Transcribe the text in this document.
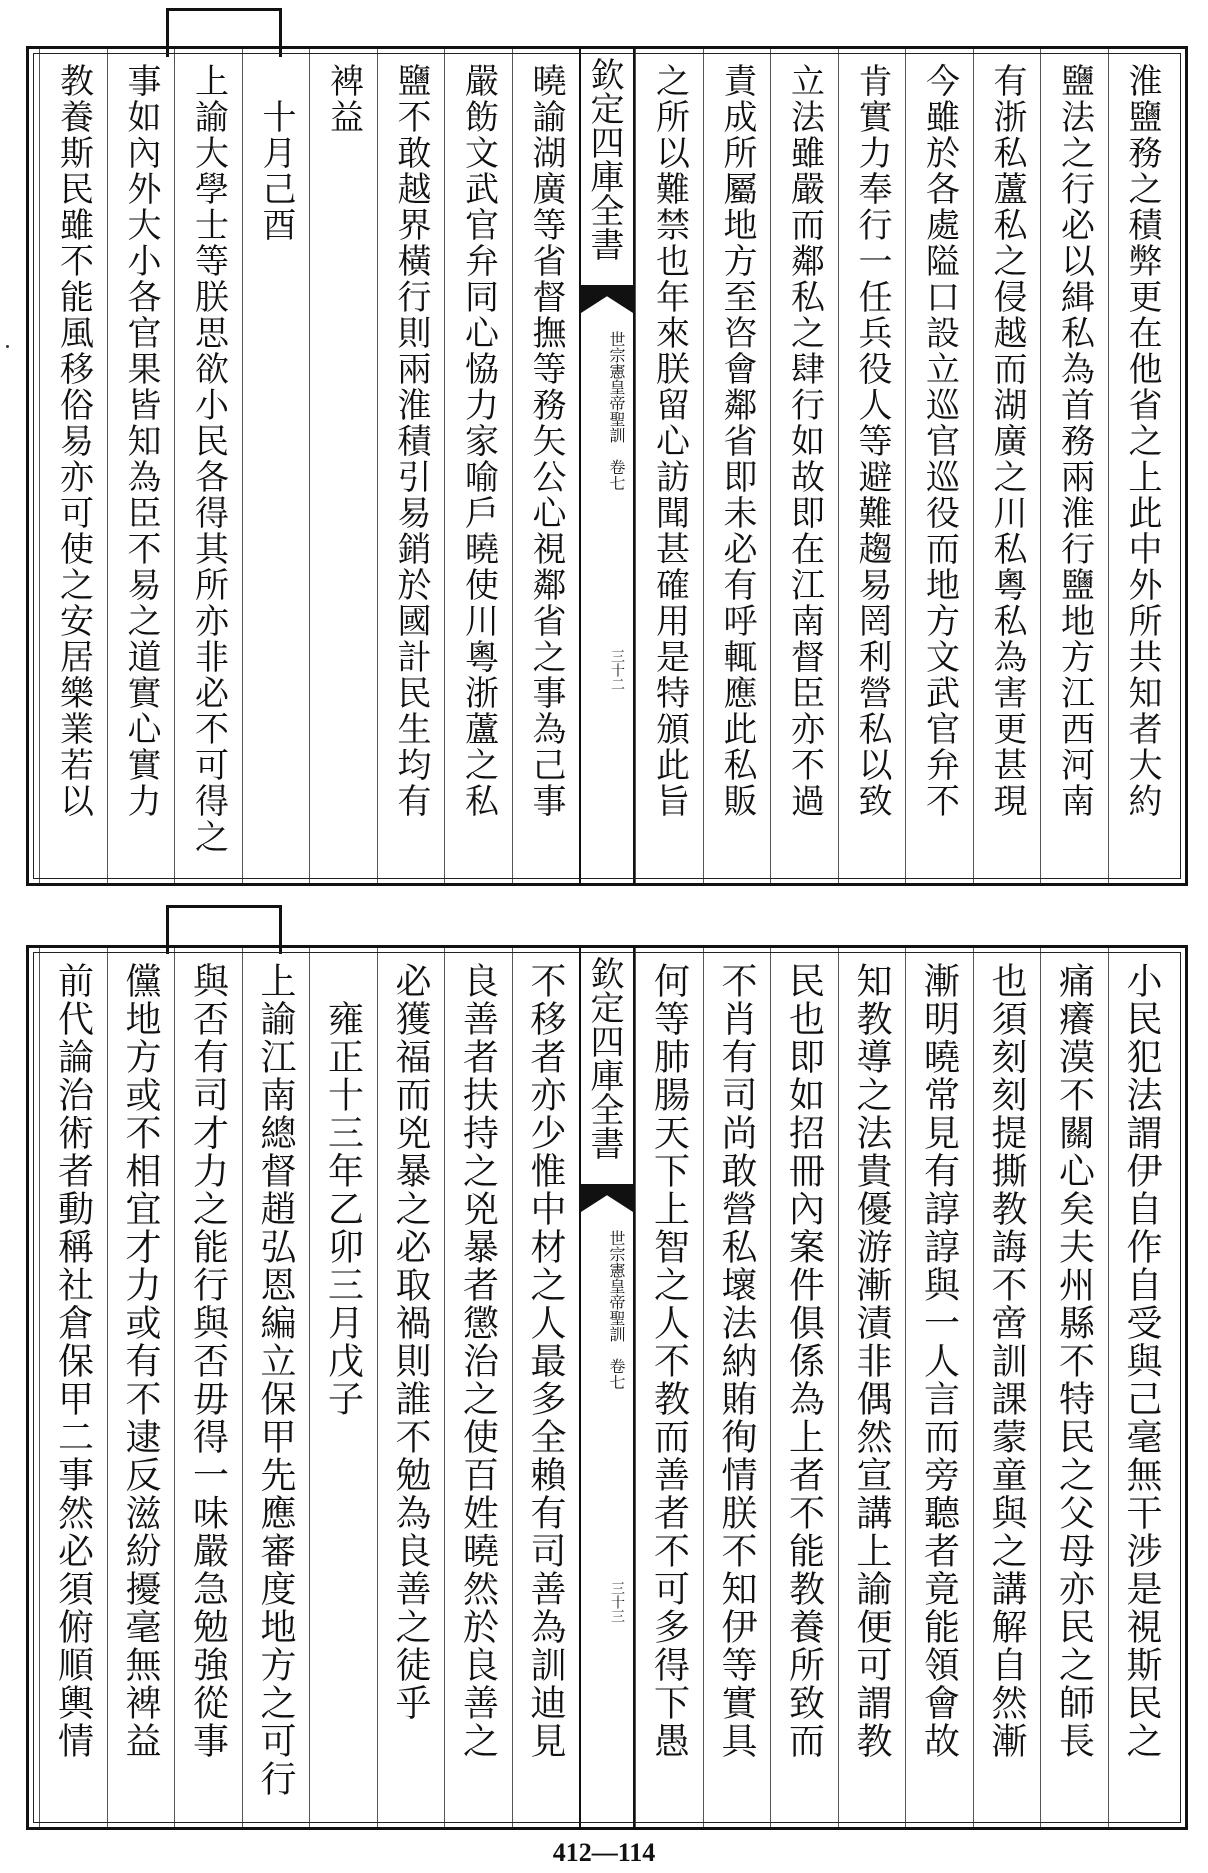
淮鹽務之積弊更在他省之上此中外所共知者大約
鹽法之行必以緝私為首務兩淮行鹽地方江西河南
有浙私蘆私之侵越而湖廣之川私粵私為害更甚現
今雖於各處隘口設立巡官巡役而地方文武官弁不
肯實力奉行一任兵役人等避難趨易罔利營私以致
立法雖嚴而鄰私之肆行如故即在江南督臣亦不過
責成所屬地方至咨會鄰省即未必有呼輒應此私販
之所以難禁也年來朕留心訪聞甚確用是特頒此旨
欽定四庫全書
世宗憲皇帝聖訓　卷七
三十二
曉諭湖廣等省督撫等務矢公心視鄰省之事為己事
嚴飭文武官弁同心恊力家喻戶曉使川粵浙蘆之私
鹽不敢越界橫行則兩淮積引易銷於國計民生均有
裨益
　十月己酉
上諭大學士等朕思欲小民各得其所亦非必不可得之
事如內外大小各官果皆知為臣不易之道實心實力
教養斯民雖不能風移俗易亦可使之安居樂業若以
小民犯法謂伊自作自受與己毫無干涉是視斯民之
痛癢漠不關心矣夫州縣不特民之父母亦民之師長
也須刻刻提撕教誨不啻訓課蒙童與之講解自然漸
漸明曉常見有諄諄與一人言而旁聽者竟能領會故
知教導之法貴優游漸漬非偶然宣講上諭便可謂教
民也即如招冊內案件俱係為上者不能教養所致而
不肖有司尚敢營私壞法納賄徇情朕不知伊等實具
何等肺腸天下上智之人不教而善者不可多得下愚
欽定四庫全書
世宗憲皇帝聖訓　卷七
三十三
不移者亦少惟中材之人最多全賴有司善為訓迪見
良善者扶持之兇暴者懲治之使百姓曉然於良善之
必獲福而兇暴之必取禍則誰不勉為良善之徒乎
　雍正十三年乙卯三月戊子
上諭江南總督趙弘恩編立保甲先應審度地方之可行
與否有司才力之能行與否毋得一味嚴急勉強從事
儻地方或不相宜才力或有不逮反滋紛擾毫無裨益
前代論治術者動稱社倉保甲二事然必須俯順輿情
412—114
